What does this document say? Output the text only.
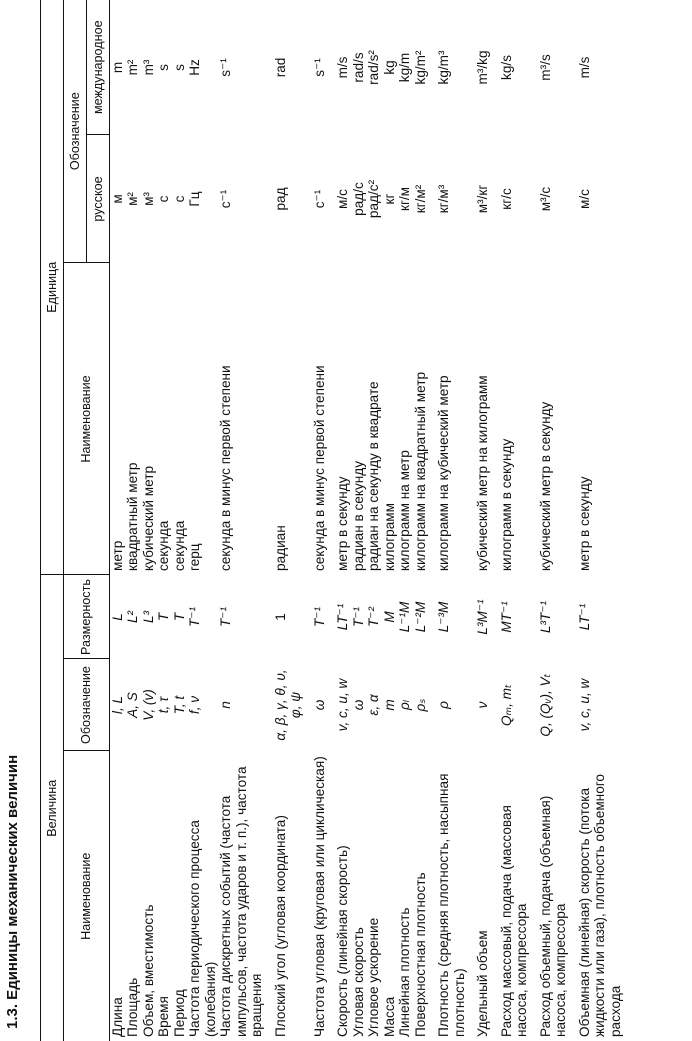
1.3. Единицы механических величин Величина			Единица		
Наименование	Обозначение	Размерность	Наименование	Обозначение	
				русское	международное
Длина	l, L	L	метр	м	m
Площадь	A, S	L²	квадратный метр	м²	m²
Объем, вместимость	V, (v)	L³	кубический метр	м³	m³
Время	t, τ	T	секунда	с	s
Период	T, t	T	секунда	с	s
Частота периодического процесса (колебания)	f, ν	T⁻¹	герц	Гц	Hz
Частота дискретных событий (частота импульсов, частота ударов и т. п.), частота вращения	n	T⁻¹	секунда в минус первой степени	с⁻¹	s⁻¹
Плоский угол (угловая координата)	α, β, γ, θ, υ, φ, ψ	1	радиан	рад	rad
Частота угловая (круговая или циклическая)	ω	T⁻¹	секунда в минус первой степени	с⁻¹	s⁻¹
Скорость (линейная скорость)	v, c, u, w	LT⁻¹	метр в секунду	м/с	m/s
Угловая скорость	ω	T⁻¹	радиан в секунду	рад/с	rad/s
Угловое ускорение	ε, α	T⁻²	радиан на секунду в квадрате	рад/с²	rad/s²
Масса	m	M	килограмм	кг	kg
Линейная плотность	ρₗ	L⁻¹M	килограмм на метр	кг/м	kg/m
Поверхностная плотность	ρₛ	L⁻²M	килограмм на квадратный метр	кг/м²	kg/m²
Плотность (средняя плотность, насыпная плотность)	ρ	L⁻³M	килограмм на кубический метр	кг/м³	kg/m³
Удельный объем	ν	L³M⁻¹	кубический метр на килограмм	м³/кг	m³/kg
Расход массовый, подача (массовая насоса, компрессора	Qₘ, mₜ	MT⁻¹	килограмм в секунду	кг/с	kg/s
Расход объемный, подача (объемная) насоса, компрессора	Q, (Qᵥ), Vₜ	L³T⁻¹	кубический метр в секунду	м³/с	m³/s
Объемная (линейная) скорость (потока жидкости или газа), плотность объемного расхода	v, c, u, w	LT⁻¹	метр в секунду	м/с	m/s
